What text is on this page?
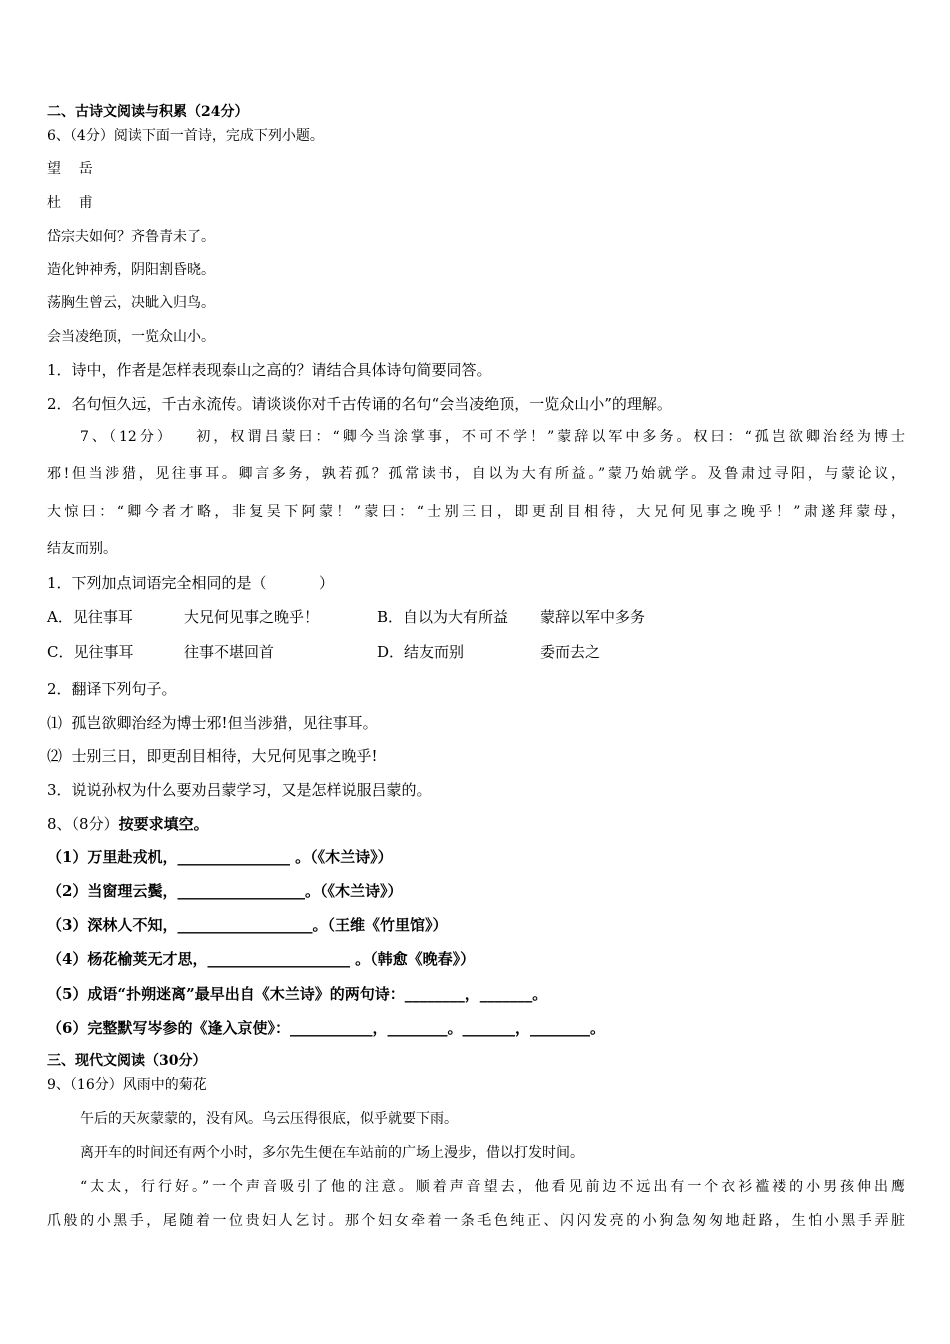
二、古诗文阅读与积累（24分）
6、（4分）阅读下面一首诗，完成下列小题。
望    岳
杜    甫
岱宗夫如何？齐鲁青未了。
造化钟神秀，阴阳割昏晓。
荡胸生曾云，决眦入归鸟。
会当凌绝顶，一览众山小。
1．诗中，作者是怎样表现泰山之高的？请结合具体诗句简要同答。
2．名句恒久远，千古永流传。请谈谈你对千古传诵的名句“会当凌绝顶，一览众山小”的理解。
7、（12分）   初，权谓吕蒙曰：“卿今当涂掌事，不可不学！”蒙辞以军中多务。权曰：“孤岂欲卿治经为博士
邪!但当涉猎，见往事耳。卿言多务，孰若孤？孤常读书，自以为大有所益。”蒙乃始就学。及鲁肃过寻阳，与蒙论议，
大惊曰：“卿今者才略，非复吴下阿蒙！”蒙曰：“士别三日，即更刮目相待，大兄何见事之晚乎！”肃遂拜蒙母，
结友而别。
1．下列加点词语完全相同的是（           ）
A．见往事耳	大兄何见事之晚乎！	B．自以为大有所益 蒙辞以军中多务
C．见往事耳	往事不堪回首	D．结友而别	委而去之
2．翻译下列句子。
⑴  孤岂欲卿治经为博士邪!但当涉猎，见往事耳。
⑵  士别三日，即更刮目相待，大兄何见事之晚乎!
3．说说孙权为什么要劝吕蒙学习，又是怎样说服吕蒙的。
8、（8分）按要求填空。
（1）万里赴戎机，_______________ 。（《木兰诗》）
（2）当窗理云鬓，_________________。（《木兰诗》）
（3）深林人不知，__________________。（王维《竹里馆》）
（4）杨花榆荚无才思，___________________ 。（韩愈《晚春》）
（5）成语“扑朔迷离”最早出自《木兰诗》的两句诗：________，_______。
（6）完整默写岑参的《逢入京使》：___________，________。_______，________。
三、现代文阅读（30分）
9、（16分）风雨中的菊花
午后的天灰蒙蒙的，没有风。乌云压得很底，似乎就要下雨。
离开车的时间还有两个小时，多尔先生便在车站前的广场上漫步，借以打发时间。
“太太，行行好。”一个声音吸引了他的注意。顺着声音望去，他看见前边不远出有一个衣衫褴褛的小男孩伸出鹰
爪般的小黑手，尾随着一位贵妇人乞讨。那个妇女牵着一条毛色纯正、闪闪发亮的小狗急匆匆地赶路，生怕小黑手弄脏
